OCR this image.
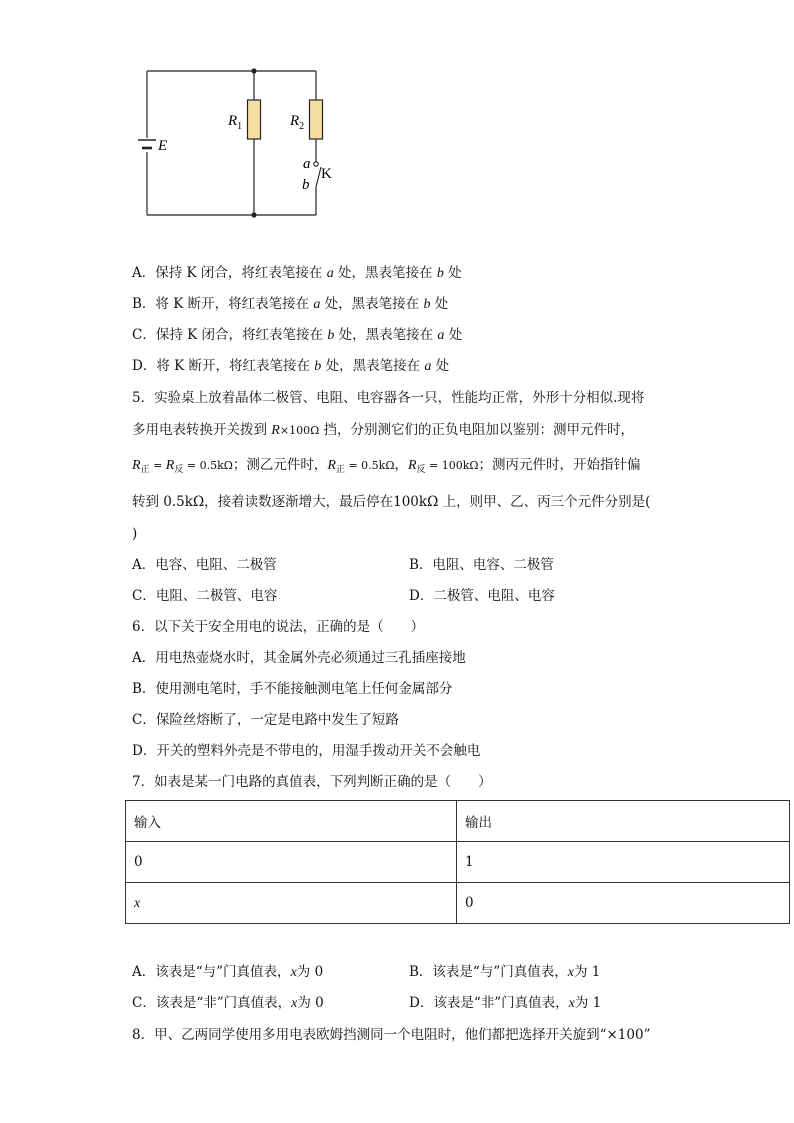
E
$R_1$	$R_2$
a
b
K
A．保持 K 闭合，将红表笔接在 a 处，黑表笔接在 b 处
B．将 K 断开，将红表笔接在 a 处，黑表笔接在 b 处
C．保持 K 闭合，将红表笔接在 b 处，黑表笔接在 a 处
D．将 K 断开，将红表笔接在 b 处，黑表笔接在 a 处
5．实验桌上放着晶体二极管、电阻、电容器各一只，性能均正常，外形十分相似.现将
多用电表转换开关拨到 R×100Ω 挡，分别测它们的正负电阻加以鉴别：测甲元件时，
$R_正 = R_反 = 0.5k\Omega$；测乙元件时，$R_正 = 0.5k\Omega$，$R_反 = 100k\Omega$；测丙元件时，开始指针偏
转到 0.5kΩ，接着读数逐渐增大，最后停在100kΩ 上，则甲、乙、丙三个元件分别是(
)
A．电容、电阻、二极管	B．电阻、电容、二极管
C．电阻、二极管、电容	D．二极管、电阻、电容
6．以下关于安全用电的说法，正确的是（　　）
A．用电热壶烧水时，其金属外壳必须通过三孔插座接地
B．使用测电笔时，手不能接触测电笔上任何金属部分
C．保险丝熔断了，一定是电路中发生了短路
D．开关的塑料外壳是不带电的，用湿手拨动开关不会触电
7．如表是某一门电路的真值表，下列判断正确的是（　　）
输入	输出
0	1
x	0
A．该表是“与”门真值表，x为 0	B．该表是“与”门真值表，x为 1
C．该表是“非”门真值表，x为 0	D．该表是“非”门真值表，x为 1
8．甲、乙两同学使用多用电表欧姆挡测同一个电阻时，他们都把选择开关旋到“×100”
